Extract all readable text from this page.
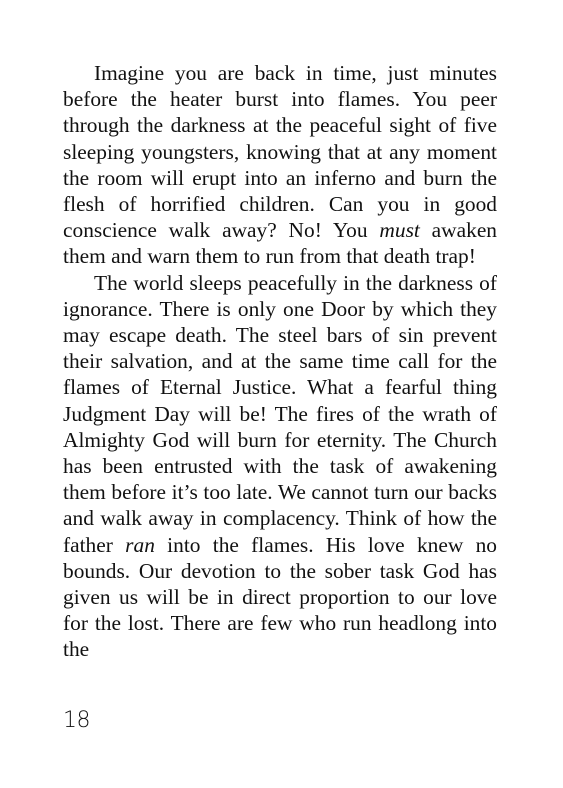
Imagine you are back in time, just minutes before the heater burst into flames. You peer through the darkness at the peaceful sight of five sleeping youngsters, knowing that at any moment the room will erupt into an inferno and burn the flesh of horrified children. Can you in good conscience walk away? No! You must awaken them and warn them to run from that death trap!

The world sleeps peacefully in the darkness of ignorance. There is only one Door by which they may escape death. The steel bars of sin prevent their salvation, and at the same time call for the flames of Eternal Justice. What a fearful thing Judgment Day will be! The fires of the wrath of Almighty God will burn for eternity. The Church has been entrusted with the task of awakening them before it’s too late. We cannot turn our backs and walk away in complacency. Think of how the father ran into the flames. His love knew no bounds. Our devotion to the sober task God has given us will be in direct proportion to our love for the lost. There are few who run headlong into the

18
